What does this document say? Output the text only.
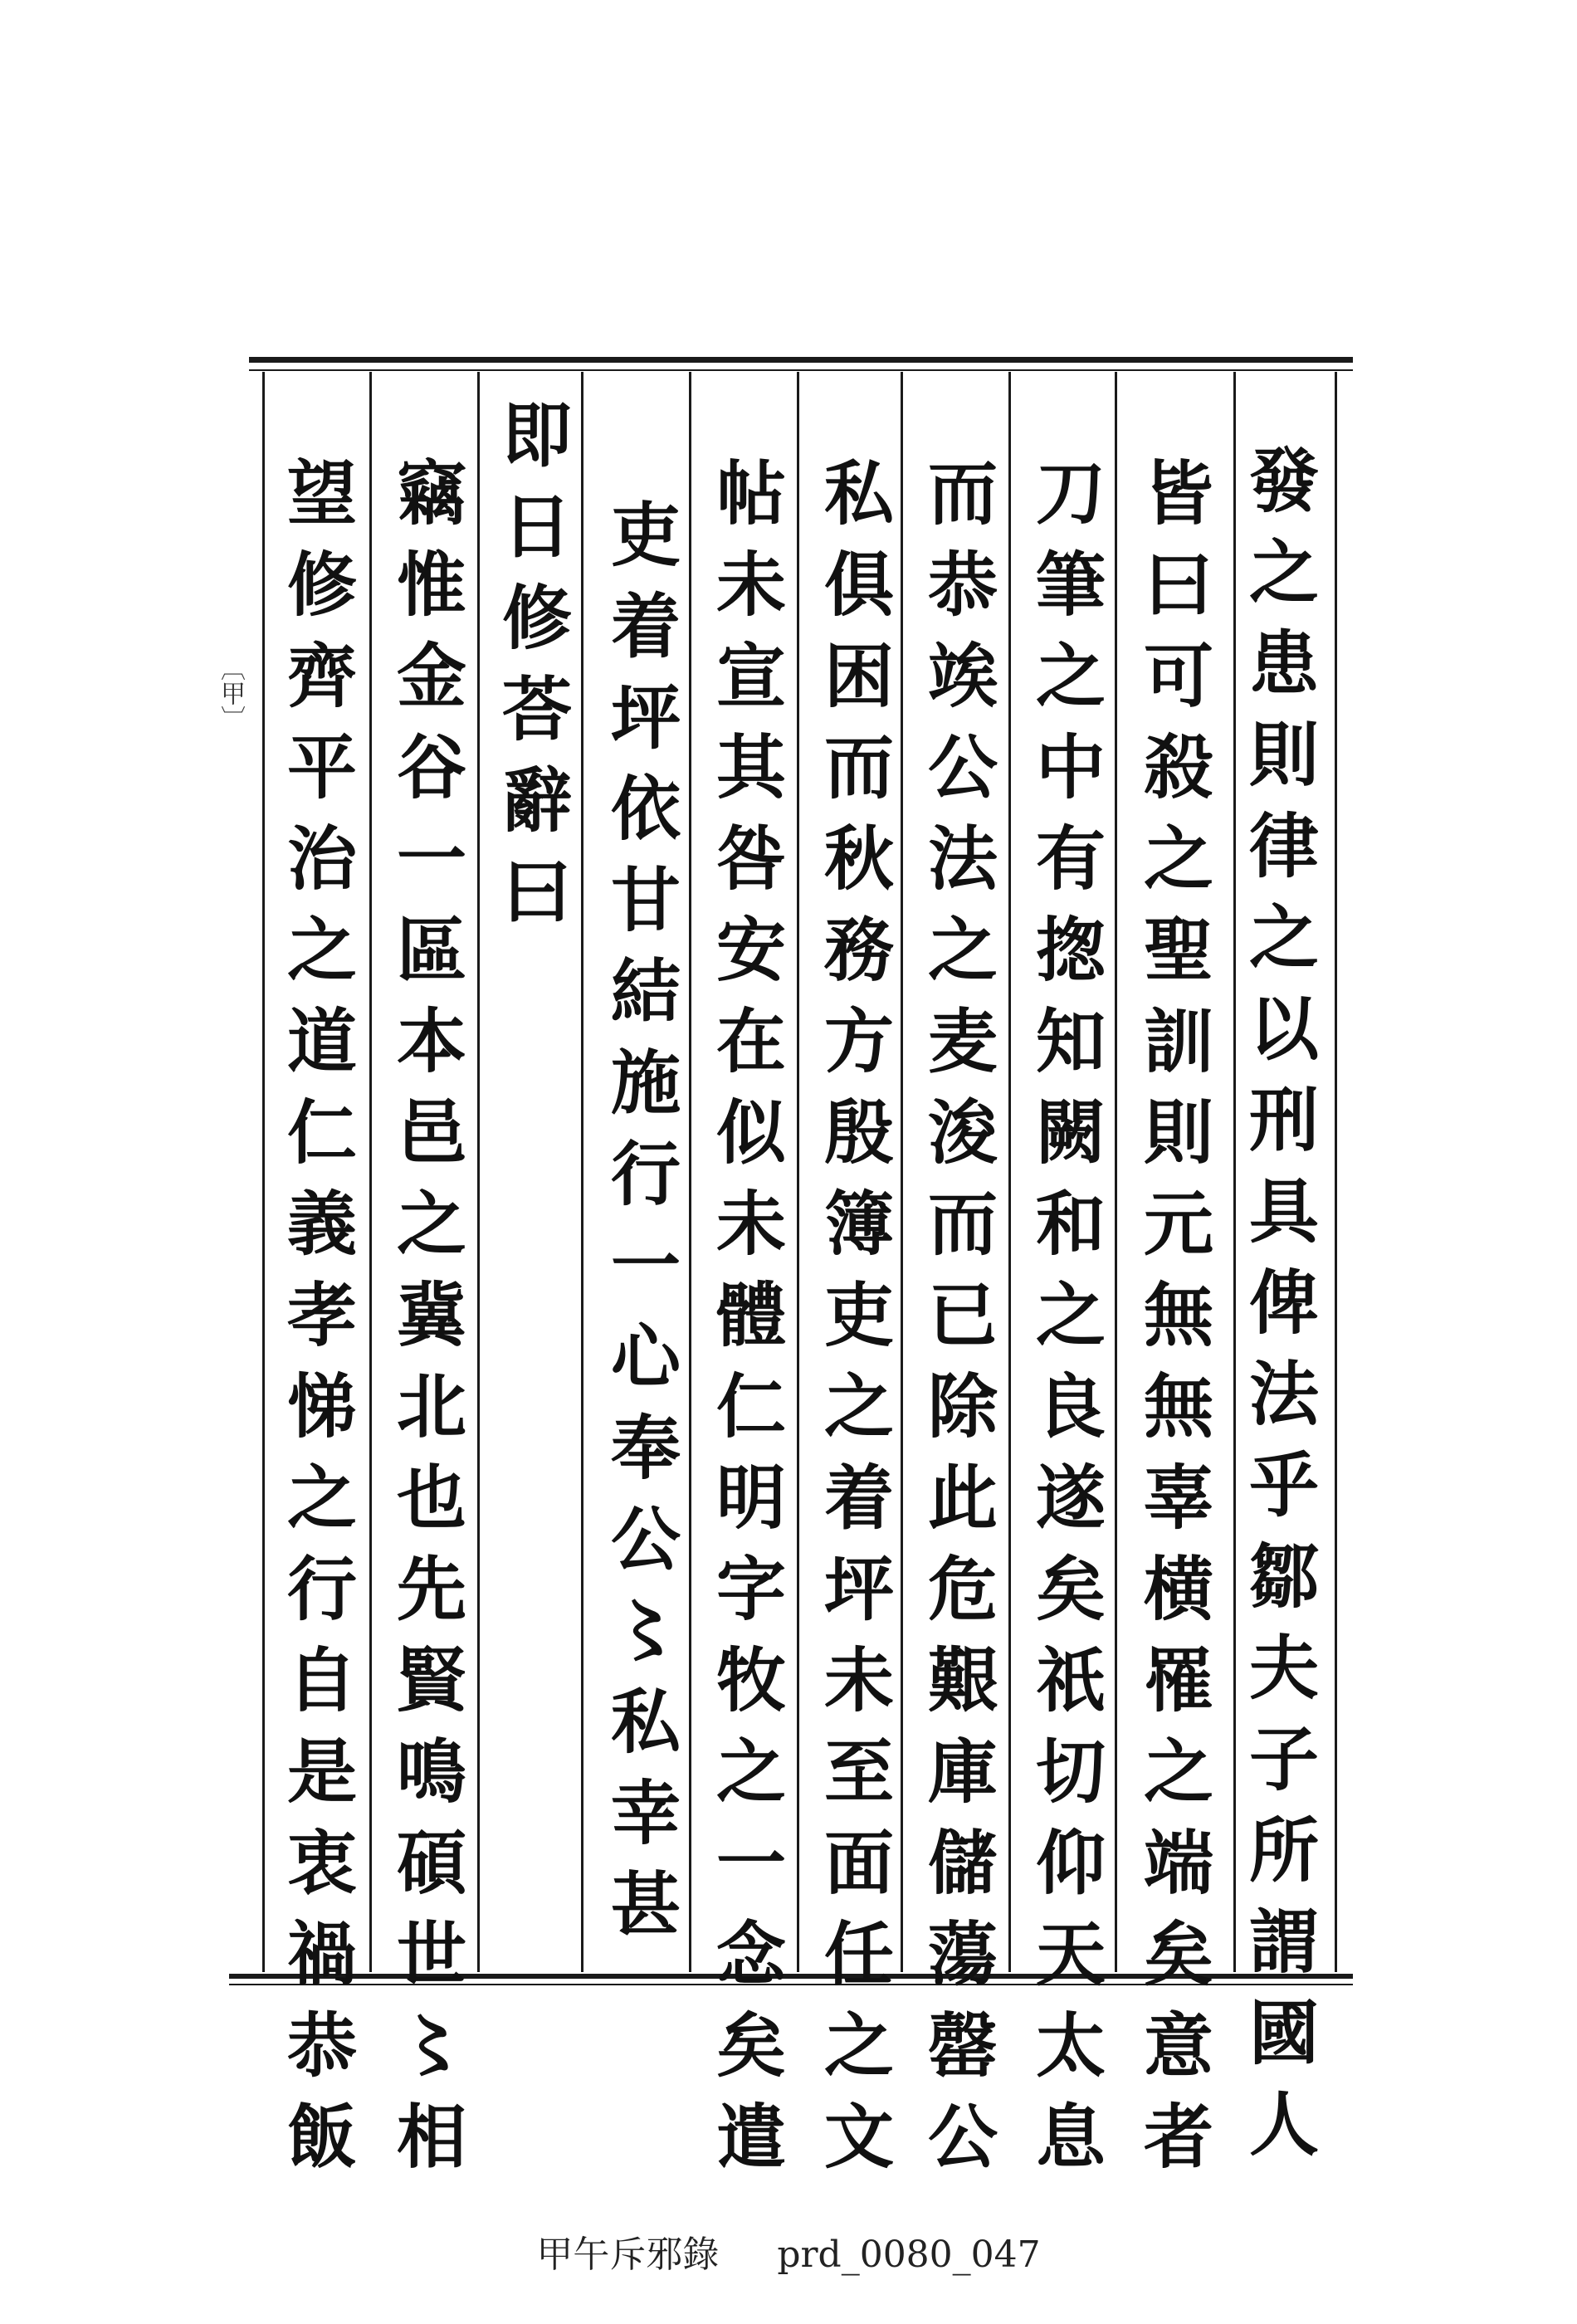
發
之
患
則
律
之
以
刑
具
俾
法
乎
鄒
夫
子
所
謂
國
人
皆
曰
可
殺
之
聖
訓
則
元
無
無
辜
横
罹
之
端
矣
意
者
刀
筆
之
中
有
揔
知
闕
和
之
良
遂
矣
祇
切
仰
天
太
息
而
恭
竢
公
法
之
麦
浚
而
已
除
此
危
艱
庫
儲
蕩
罄
公
私
俱
困
而
秋
務
方
殷
簿
吏
之
着
坪
未
至
面
任
之
文
帖
未
宣
其
咎
安
在
似
未
體
仁
明
字
牧
之
一
念
矣
遣
吏
着
坪
依
甘
結
施
行
一
心
奉
公
〻
私
幸
甚
即
日
修
荅
辭
曰
竊
惟
金
谷
一
區
本
邑
之
冀
北
也
先
賢
鳴
碩
世
〻
相
望
修
齊
平
治
之
道
仁
義
孝
悌
之
行
自
是
衷
禍
恭
飯
〔甲〕
甲午斥邪錄 prd_0080_047
